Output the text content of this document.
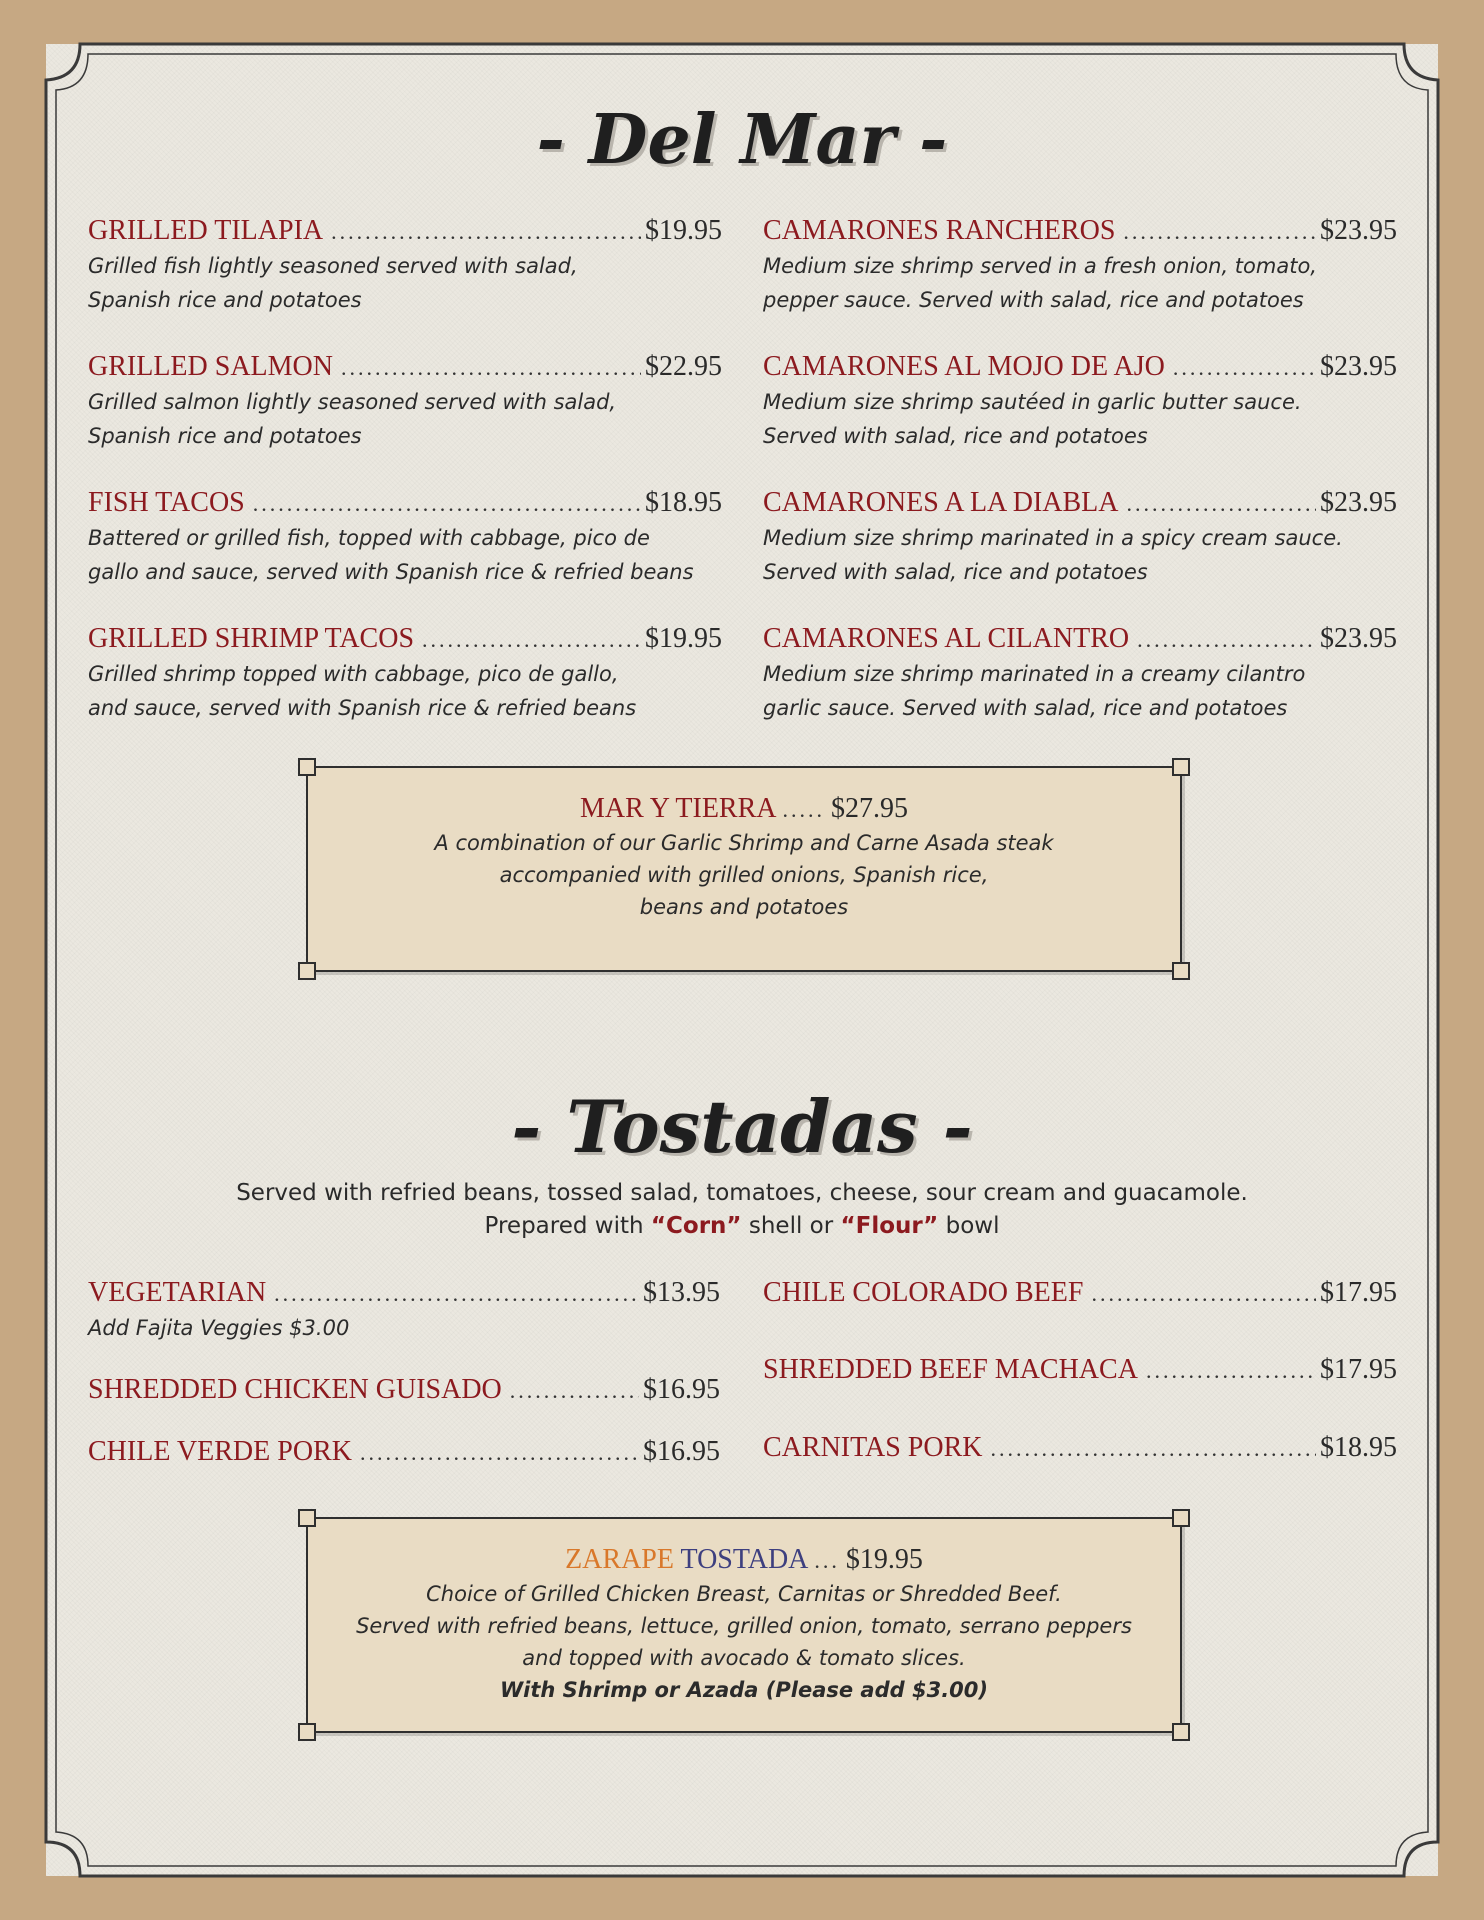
- Del Mar -
GRILLED TILAPIA .....	$19.95
Grilled fish lightly seasoned served with salad,
Spanish rice and potatoes
GRILLED SALMON .....	$22.95
Grilled salmon lightly seasoned served with salad,
Spanish rice and potatoes
FISH TACOS .....	$18.95
Battered or grilled fish, topped with cabbage, pico de
gallo and sauce, served with Spanish rice & refried beans
GRILLED SHRIMP TACOS .....	$19.95
Grilled shrimp topped with cabbage, pico de gallo,
and sauce, served with Spanish rice & refried beans
CAMARONES RANCHEROS .....	$23.95
Medium size shrimp served in a fresh onion, tomato,
pepper sauce. Served with salad, rice and potatoes
CAMARONES AL MOJO DE AJO .....	$23.95
Medium size shrimp sautéed in garlic butter sauce.
Served with salad, rice and potatoes
CAMARONES A LA DIABLA .....	$23.95
Medium size shrimp marinated in a spicy cream sauce.
Served with salad, rice and potatoes
CAMARONES AL CILANTRO .....	$23.95
Medium size shrimp marinated in a creamy cilantro
garlic sauce. Served with salad, rice and potatoes
MAR Y TIERRA ..... $27.95
A combination of our Garlic Shrimp and Carne Asada steak
accompanied with grilled onions, Spanish rice,
beans and potatoes
- Tostadas -
Served with refried beans, tossed salad, tomatoes, cheese, sour cream and guacamole.
Prepared with “Corn” shell or “Flour” bowl
VEGETARIAN .....	$13.95
Add Fajita Veggies $3.00
SHREDDED CHICKEN GUISADO .....	$16.95
CHILE VERDE PORK .....	$16.95
CHILE COLORADO BEEF .....	$17.95
SHREDDED BEEF MACHACA .....	$17.95
CARNITAS PORK .....	$18.95
ZARAPE TOSTADA ... $19.95
Choice of Grilled Chicken Breast, Carnitas or Shredded Beef.
Served with refried beans, lettuce, grilled onion, tomato, serrano peppers
and topped with avocado & tomato slices.
With Shrimp or Azada (Please add $3.00)
